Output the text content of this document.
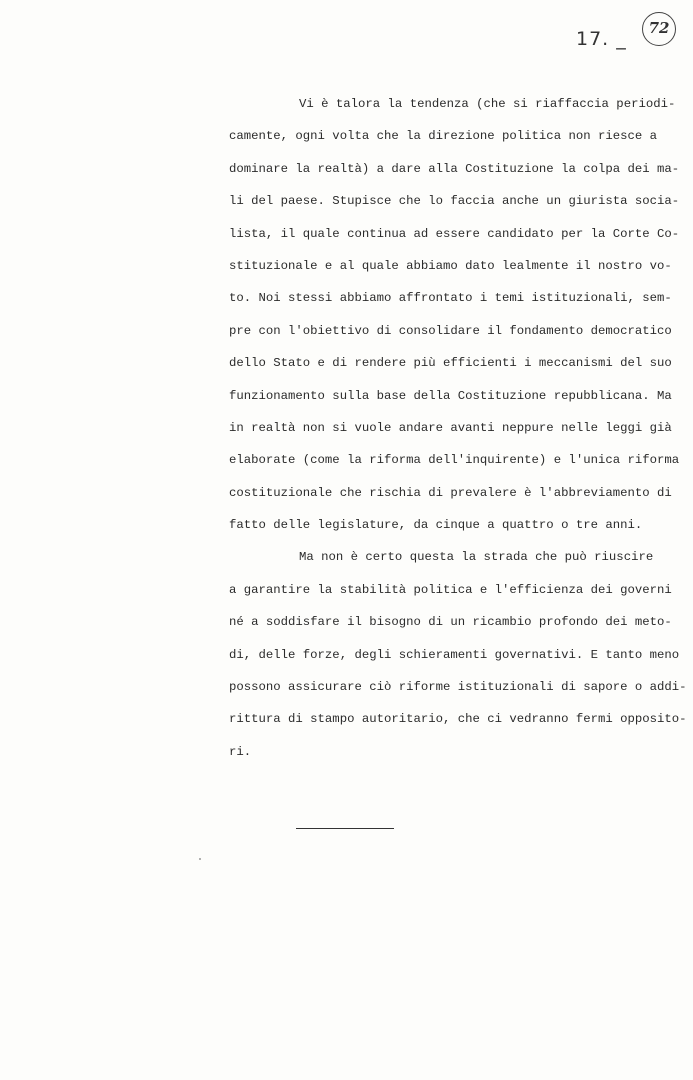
17. _	72
Vi è talora la tendenza (che si riaffaccia periodi-
camente, ogni volta che la direzione politica non riesce a
dominare la realtà) a dare alla Costituzione la colpa dei ma-
li del paese. Stupisce che lo faccia anche un giurista socia-
lista, il quale continua ad essere candidato per la Corte Co-
stituzionale e al quale abbiamo dato lealmente il nostro vo-
to. Noi stessi abbiamo affrontato i temi istituzionali, sem-
pre con l'obiettivo di consolidare il fondamento democratico
dello Stato e di rendere più efficienti i meccanismi del suo
funzionamento sulla base della Costituzione repubblicana. Ma
in realtà non si vuole andare avanti neppure nelle leggi già
elaborate (come la riforma dell'inquirente) e l'unica riforma
costituzionale che rischia di prevalere è l'abbreviamento di
fatto delle legislature, da cinque a quattro o tre anni.
Ma non è certo questa la strada che può riuscire
a garantire la stabilità politica e l'efficienza dei governi
né a soddisfare il bisogno di un ricambio profondo dei meto-
di, delle forze, degli schieramenti governativi. E tanto meno
possono assicurare ciò riforme istituzionali di sapore o addi-
rittura di stampo autoritario, che ci vedranno fermi opposito-
ri.
